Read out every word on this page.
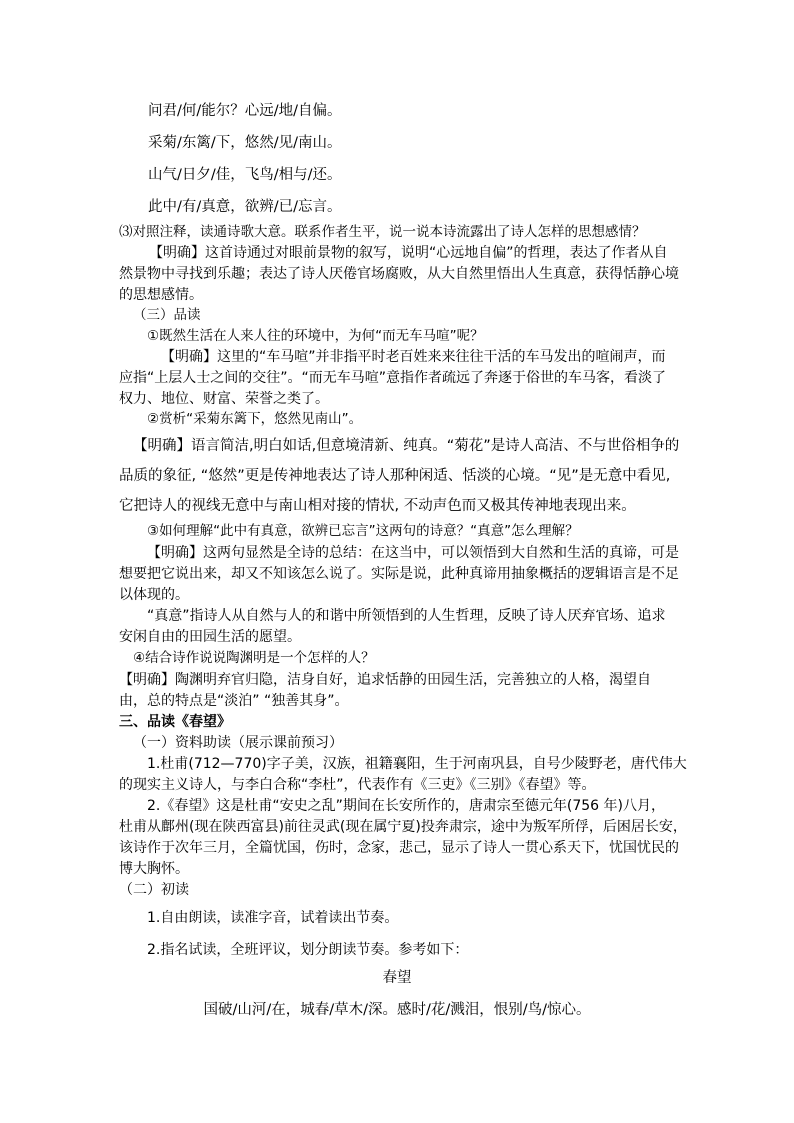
问君/何/能尔？心远/地/自偏。
采菊/东篱/下，悠然/见/南山。
山气/日夕/佳，飞鸟/相与/还。
此中/有/真意，欲辨/已/忘言。
⑶对照注释，读通诗歌大意。联系作者生平，说一说本诗流露出了诗人怎样的思想感情？
【明确】这首诗通过对眼前景物的叙写，说明“心远地自偏”的哲理，表达了作者从自
然景物中寻找到乐趣；表达了诗人厌倦官场腐败，从大自然里悟出人生真意，获得恬静心境
的思想感情。
（三）品读
①既然生活在人来人往的环境中，为何“而无车马喧”呢？
【明确】这里的“车马喧”并非指平时老百姓来来往往干活的车马发出的喧闹声，而
应指“上层人士之间的交往”。“而无车马喧”意指作者疏远了奔逐于俗世的车马客，看淡了
权力、地位、财富、荣誉之类了。
②赏析“采菊东篱下，悠然见南山”。
【明确】语言简洁,明白如话,但意境清新、纯真。“菊花”是诗人高洁、不与世俗相争的
品质的象征, “悠然”更是传神地表达了诗人那种闲适、恬淡的心境。“见”是无意中看见,
它把诗人的视线无意中与南山相对接的情状, 不动声色而又极其传神地表现出来。
③如何理解“此中有真意，欲辨已忘言”这两句的诗意？“真意”怎么理解？
【明确】这两句显然是全诗的总结：在这当中，可以领悟到大自然和生活的真谛，可是
想要把它说出来，却又不知该怎么说了。实际是说，此种真谛用抽象概括的逻辑语言是不足
以体现的。
“真意”指诗人从自然与人的和谐中所领悟到的人生哲理，反映了诗人厌弃官场、追求
安闲自由的田园生活的愿望。
④结合诗作说说陶渊明是一个怎样的人？
【明确】陶渊明弃官归隐，洁身自好，追求恬静的田园生活，完善独立的人格，渴望自
由，总的特点是“淡泊” “独善其身”。
三、品读《春望》
（一）资料助读（展示课前预习）
1.杜甫(712—770)字子美，汉族，祖籍襄阳，生于河南巩县，自号少陵野老，唐代伟大
的现实主义诗人，与李白合称“李杜”，代表作有《三吏》《三别》《春望》等。
2.《春望》这是杜甫“安史之乱”期间在长安所作的，唐肃宗至德元年(756 年)八月，
杜甫从鄜州(现在陕西富县)前往灵武(现在属宁夏)投奔肃宗，途中为叛军所俘，后困居长安，
该诗作于次年三月，全篇忧国，伤时，念家，悲己，显示了诗人一贯心系天下，忧国忧民的
博大胸怀。
（二）初读
1.自由朗读，读准字音，试着读出节奏。
2.指名试读，全班评议，划分朗读节奏。参考如下：
春望
国破/山河/在，城春/草木/深。感时/花/溅泪，恨别/鸟/惊心。
